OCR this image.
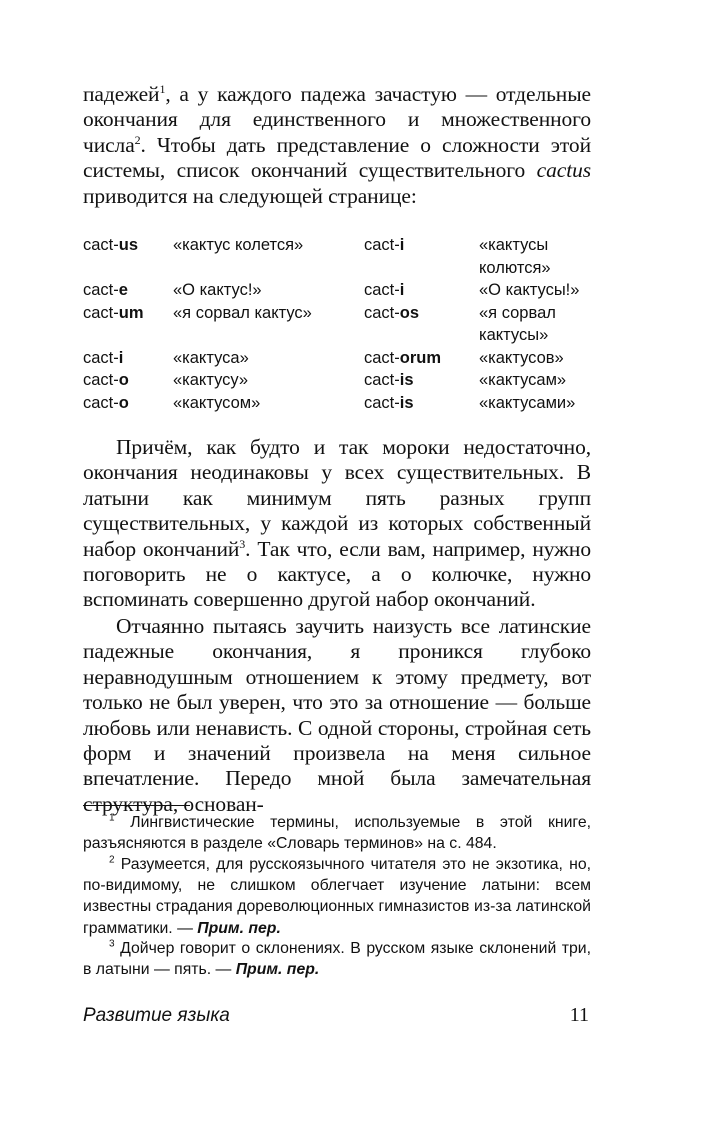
падежей$^1$, а у каждого падежа зачастую — отдельные окончания для единственного и множественного числа$^2$. Чтобы дать представление о сложности этой системы, список окончаний существительного cactus приводится на следующей странице:

cact-us	«кактус колется»	cact-i	«кактусы колются»
cact-e	«О кактус!»	cact-i	«О кактусы!»
cact-um	«я сорвал кактус»	cact-os	«я сорвал кактусы»
cact-i	«кактуса»	cact-orum	«кактусов»
cact-o	«кактусу»	cact-is	«кактусам»
cact-o	«кактусом»	cact-is	«кактусами»

Причём, как будто и так мороки недостаточно, окончания неодинаковы у всех существительных. В латыни как минимум пять разных групп существительных, у каждой из которых собственный набор окончаний$^3$. Так что, если вам, например, нужно поговорить не о кактусе, а о колючке, нужно вспоминать совершенно другой набор окончаний.

Отчаянно пытаясь заучить наизусть все латинские падежные окончания, я проникся глубоко неравнодушным отношением к этому предмету, вот только не был уверен, что это за отношение — больше любовь или ненависть. С одной стороны, стройная сеть форм и значений произвела на меня сильное впечатление. Передо мной была замечательная структура, основан-

$^1$ Лингвистические термины, используемые в этой книге, разъясняются в разделе «Словарь терминов» на с. 484.

$^2$ Разумеется, для русскоязычного читателя это не экзотика, но, по-видимому, не слишком облегчает изучение латыни: всем известны страдания дореволюционных гимназистов из-за латинской грамматики. — Прим. пер.

$^3$ Дойчер говорит о склонениях. В русском языке склонений три, в латыни — пять. — Прим. пер.

Развитие языка	11
